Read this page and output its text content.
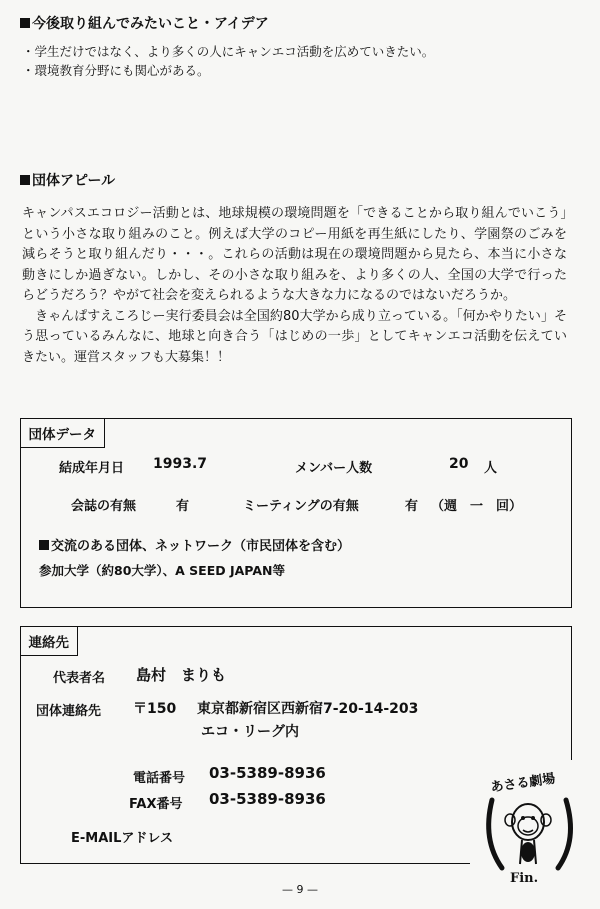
今後取り組んでみたいこと・アイデア
・学生だけではなく、より多くの人にキャンエコ活動を広めていきたい。
・環境教育分野にも関心がある。
団体アピール

キャンパスエコロジー活動とは、地球規模の環境問題を「できることから取り組んでいこう」という小さな取り組みのこと。例えば大学のコピー用紙を再生紙にしたり、学園祭のごみを減らそうと取り組んだり・・・。これらの活動は現在の環境問題から見たら、本当に小さな動きにしか過ぎない。しかし、その小さな取り組みを、より多くの人、全国の大学で行ったらどうだろう？やがて社会を変えられるような大きな力になるのではないだろうか。

　きゃんぱすえころじー実行委員会は全国約80大学から成り立っている。「何かやりたい」そう思っているみんなに、地球と向き合う「はじめの一歩」としてキャンエコ活動を伝えていきたい。運営スタッフも大募集！！

団体データ
結成年月日 1993.7	メンバー人数	20 人
会誌の有無	有	ミーティングの有無	有 （週　一　回）
交流のある団体、ネットワーク（市民団体を含む）
参加大学（約80大学）、A SEED JAPAN等
連絡先
代表者名 島村　まりも
団体連絡先 〒150 東京都新宿区西新宿7-20-14-203
エコ・リーグ内
電話番号 03-5389-8936
FAX番号 03-5389-8936
E-MAILアドレス
あさる劇場
Fin.
— 9 —
